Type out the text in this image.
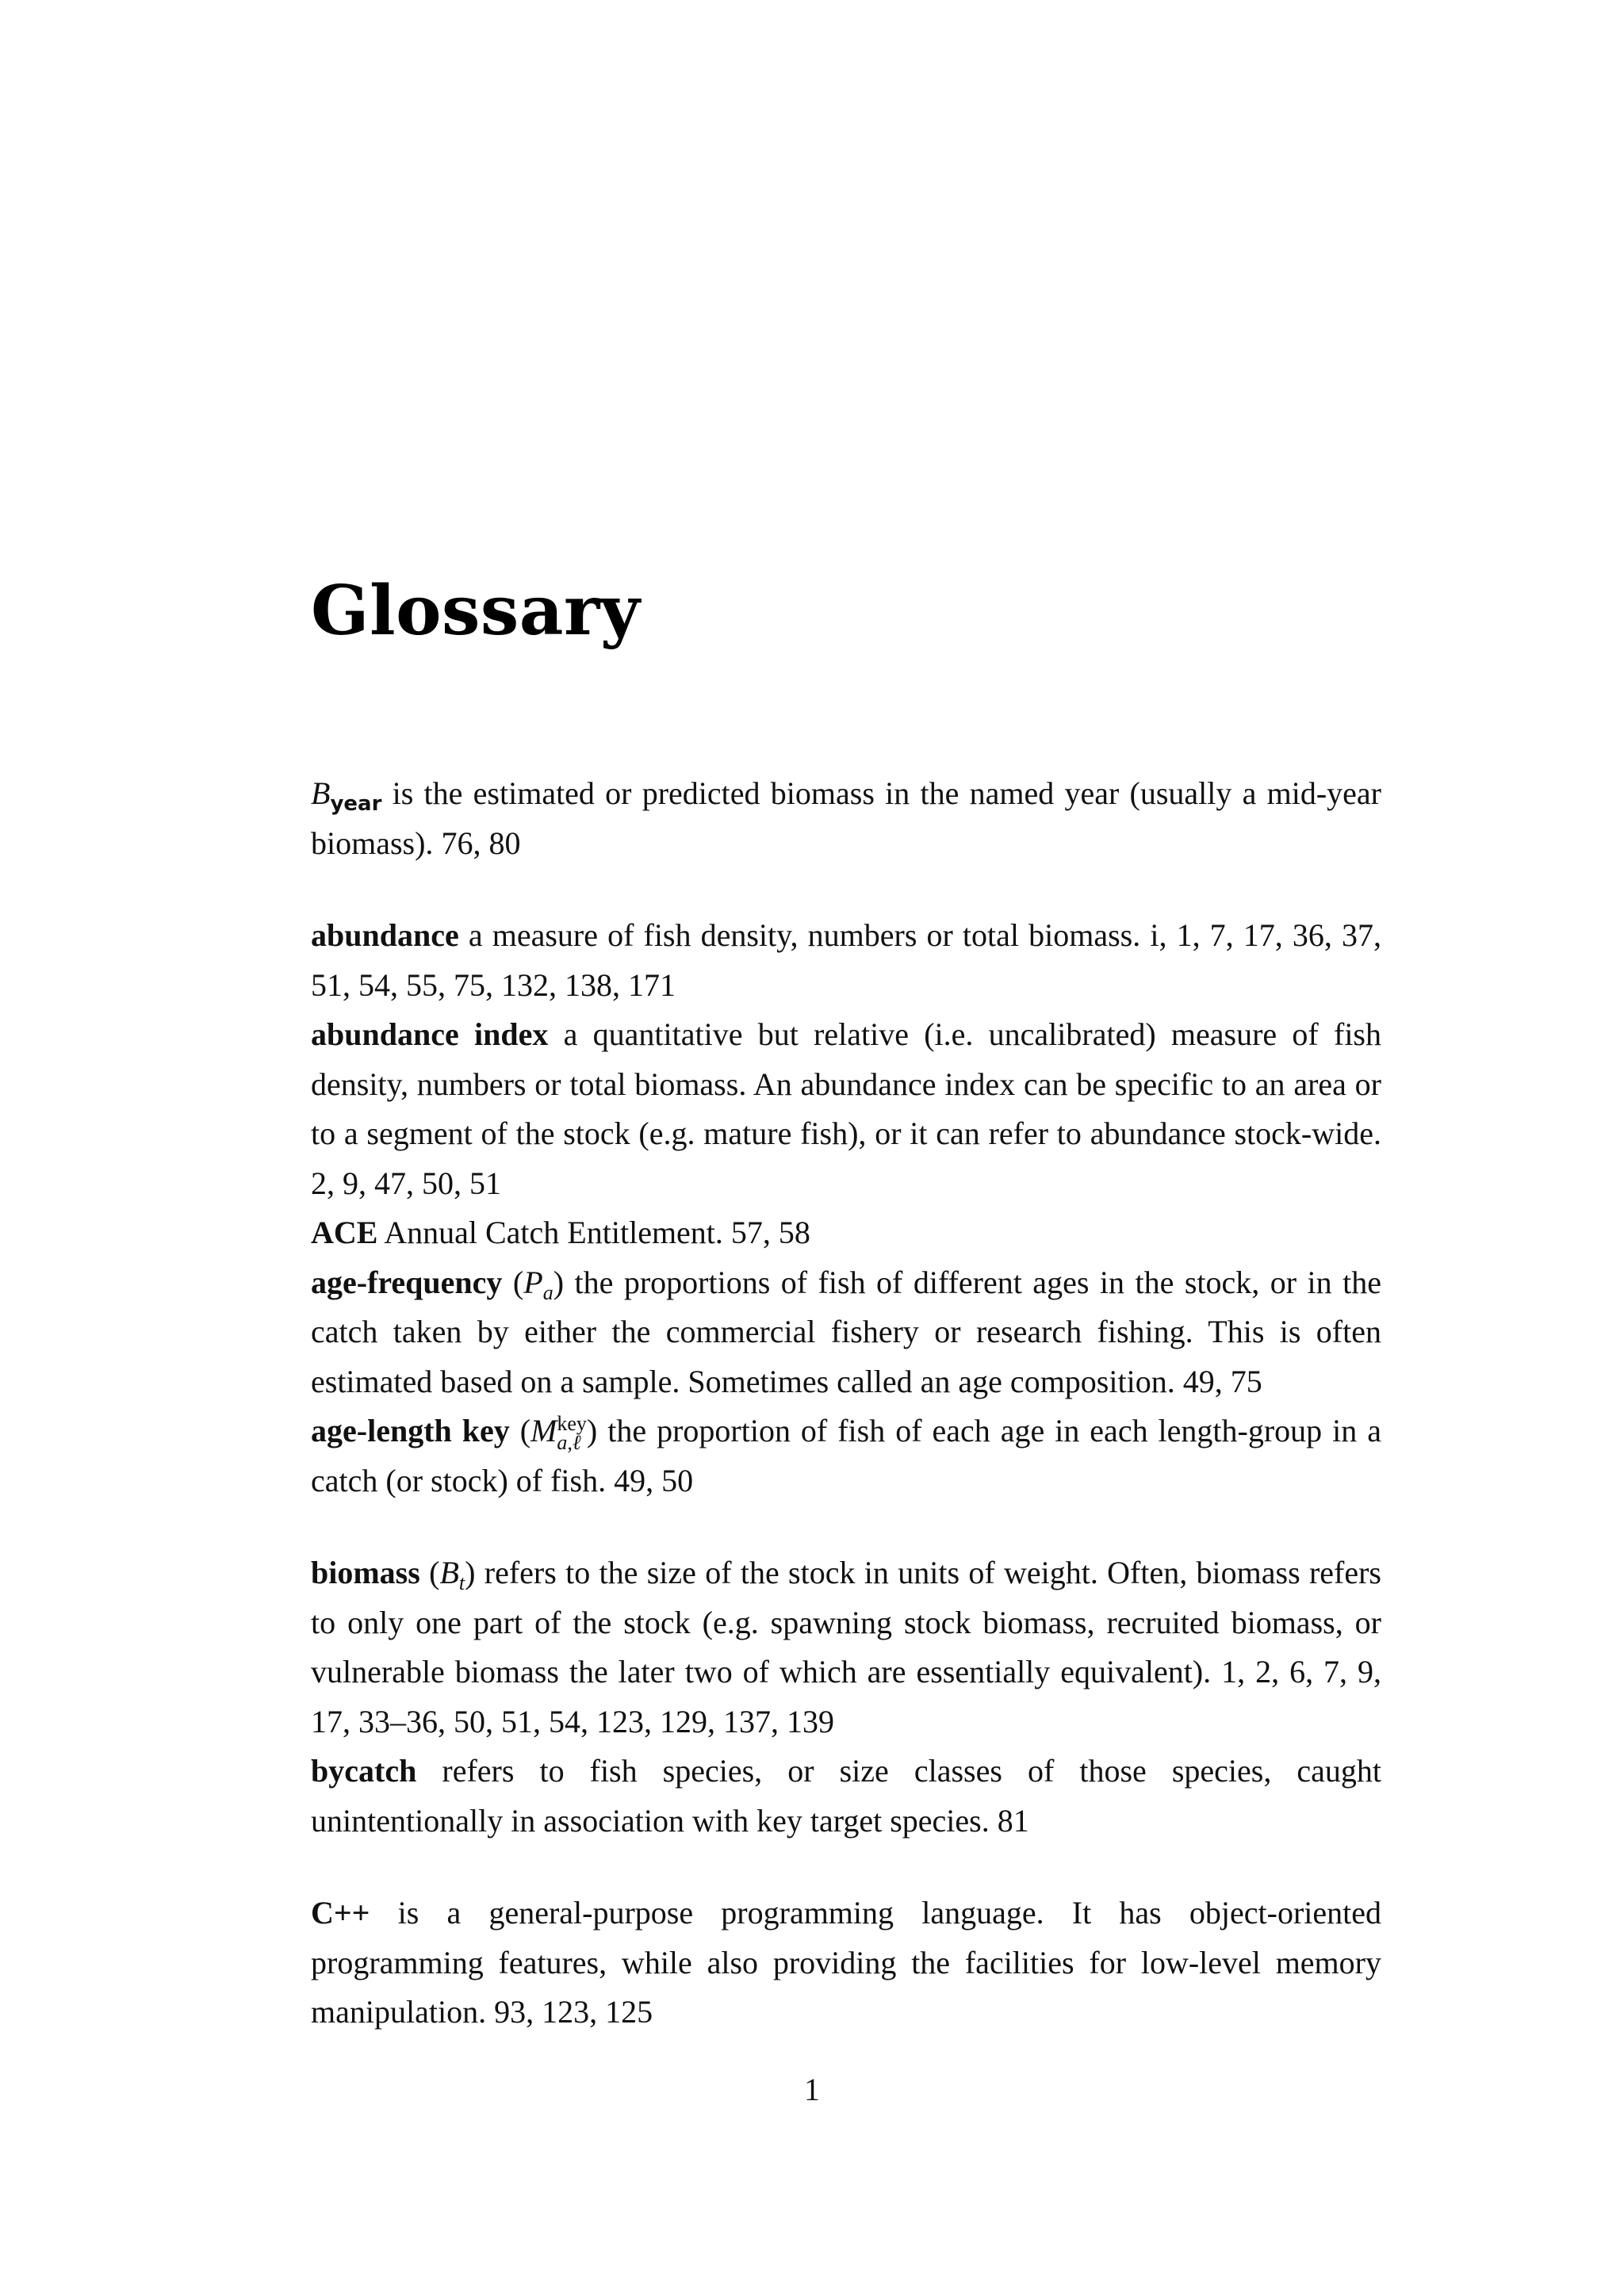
Glossary

$B_{year}$ is the estimated or predicted biomass in the named year (usually a mid-year biomass). 76, 80

abundance a measure of fish density, numbers or total biomass. i, 1, 7, 17, 36, 37, 51, 54, 55, 75, 132, 138, 171

abundance index a quantitative but relative (i.e. uncalibrated) measure of fish density, numbers or total biomass. An abundance index can be specific to an area or to a segment of the stock (e.g. mature fish), or it can refer to abundance stock-wide. 2, 9, 47, 50, 51

ACE Annual Catch Entitlement. 57, 58

age-frequency $(P_a)$ the proportions of fish of different ages in the stock, or in the catch taken by either the commercial fishery or research fishing. This is often estimated based on a sample. Sometimes called an age composition. 49, 75

age-length key (M key
a,ℓ ) the proportion of fish of each age in each length-group in a catch (or stock) of fish. 49, 50

biomass $(B_t)$ refers to the size of the stock in units of weight. Often, biomass refers to only one part of the stock (e.g. spawning stock biomass, recruited biomass, or vulnerable biomass the later two of which are essentially equivalent). 1, 2, 6, 7, 9, 17, 33–36, 50, 51, 54, 123, 129, 137, 139

bycatch refers to fish species, or size classes of those species, caught unintentionally in association with key target species. 81

C++ is a general-purpose programming language. It has object-oriented programming features, while also providing the facilities for low-level memory manipulation. 93, 123, 125

1
